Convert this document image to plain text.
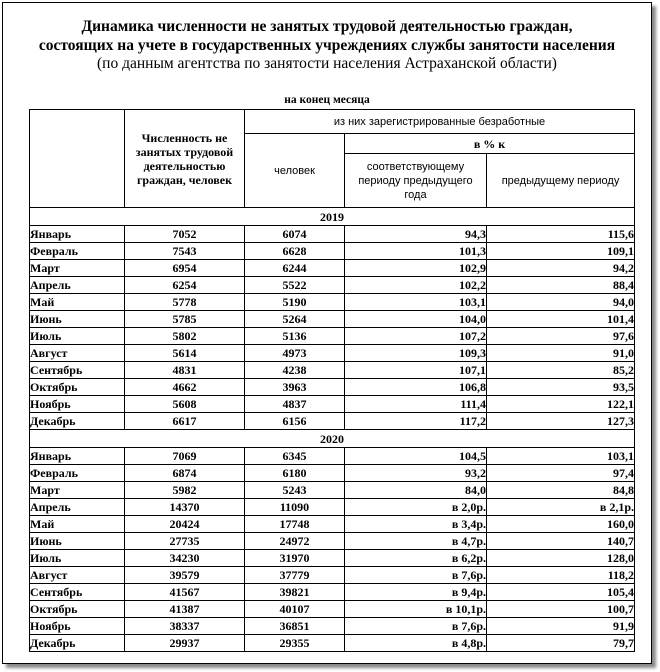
Динамика численности не занятых трудовой деятельностью граждан,
состоящих на учете в государственных учреждениях службы занятости населения
(по данным агентства по занятости населения Астраханской области)
на конец месяца
	Численность не занятых трудовой деятельностью граждан, человек	из них зарегистрированные безработные		
		человек	в % к	
			соответствующему периоду предыдущего года	предыдущему периоду
2019				
Январь	7052	6074	94,3	115,6
Февраль	7543	6628	101,3	109,1
Март	6954	6244	102,9	94,2
Апрель	6254	5522	102,2	88,4
Май	5778	5190	103,1	94,0
Июнь	5785	5264	104,0	101,4
Июль	5802	5136	107,2	97,6
Август	5614	4973	109,3	91,0
Сентябрь	4831	4238	107,1	85,2
Октябрь	4662	3963	106,8	93,5
Ноябрь	5608	4837	111,4	122,1
Декабрь	6617	6156	117,2	127,3
2020				
Январь	7069	6345	104,5	103,1
Февраль	6874	6180	93,2	97,4
Март	5982	5243	84,0	84,8
Апрель	14370	11090	в 2,0р.	в 2,1р.
Май	20424	17748	в 3,4р.	160,0
Июнь	27735	24972	в 4,7р.	140,7
Июль	34230	31970	в 6,2р.	128,0
Август	39579	37779	в 7,6р.	118,2
Сентябрь	41567	39821	в 9,4р.	105,4
Октябрь	41387	40107	в 10,1р.	100,7
Ноябрь	38337	36851	в 7,6р.	91,9
Декабрь	29937	29355	в 4,8р.	79,7
